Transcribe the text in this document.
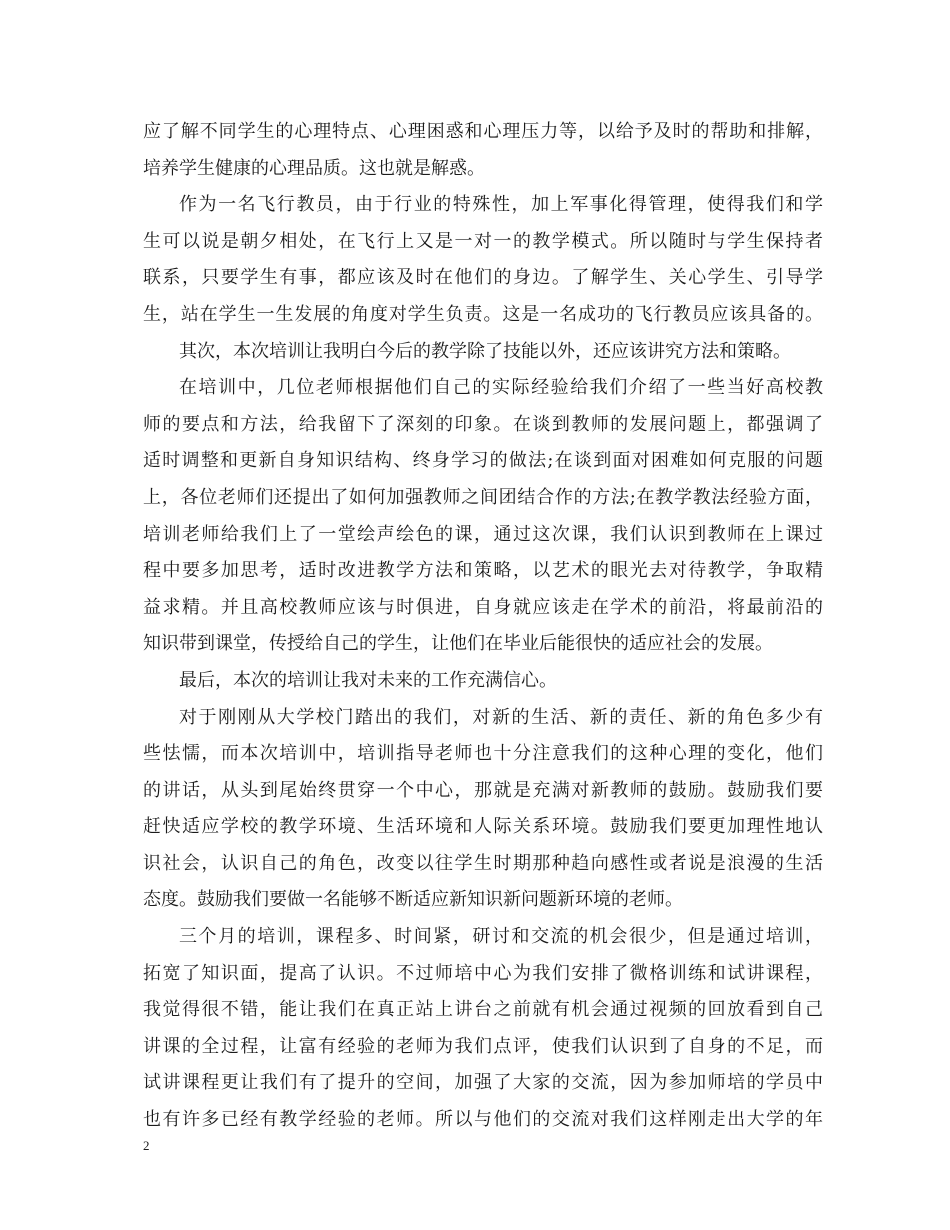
应了解不同学生的心理特点、心理困惑和心理压力等，以给予及时的帮助和排解，
培养学生健康的心理品质。这也就是解惑。
作为一名飞行教员，由于行业的特殊性，加上军事化得管理，使得我们和学
生可以说是朝夕相处，在飞行上又是一对一的教学模式。所以随时与学生保持者
联系，只要学生有事，都应该及时在他们的身边。了解学生、关心学生、引导学
生，站在学生一生发展的角度对学生负责。这是一名成功的飞行教员应该具备的。
其次，本次培训让我明白今后的教学除了技能以外，还应该讲究方法和策略。
在培训中，几位老师根据他们自己的实际经验给我们介绍了一些当好高校教
师的要点和方法，给我留下了深刻的印象。在谈到教师的发展问题上，都强调了
适时调整和更新自身知识结构、终身学习的做法;在谈到面对困难如何克服的问题
上，各位老师们还提出了如何加强教师之间团结合作的方法;在教学教法经验方面，
培训老师给我们上了一堂绘声绘色的课，通过这次课，我们认识到教师在上课过
程中要多加思考，适时改进教学方法和策略，以艺术的眼光去对待教学，争取精
益求精。并且高校教师应该与时俱进，自身就应该走在学术的前沿，将最前沿的
知识带到课堂，传授给自己的学生，让他们在毕业后能很快的适应社会的发展。
最后，本次的培训让我对未来的工作充满信心。
对于刚刚从大学校门踏出的我们，对新的生活、新的责任、新的角色多少有
些怯懦，而本次培训中，培训指导老师也十分注意我们的这种心理的变化，他们
的讲话，从头到尾始终贯穿一个中心，那就是充满对新教师的鼓励。鼓励我们要
赶快适应学校的教学环境、生活环境和人际关系环境。鼓励我们要更加理性地认
识社会，认识自己的角色，改变以往学生时期那种趋向感性或者说是浪漫的生活
态度。鼓励我们要做一名能够不断适应新知识新问题新环境的老师。
三个月的培训，课程多、时间紧，研讨和交流的机会很少，但是通过培训，
拓宽了知识面，提高了认识。不过师培中心为我们安排了微格训练和试讲课程，
我觉得很不错，能让我们在真正站上讲台之前就有机会通过视频的回放看到自己
讲课的全过程，让富有经验的老师为我们点评，使我们认识到了自身的不足，而
试讲课程更让我们有了提升的空间，加强了大家的交流，因为参加师培的学员中
也有许多已经有教学经验的老师。所以与他们的交流对我们这样刚走出大学的年
2
